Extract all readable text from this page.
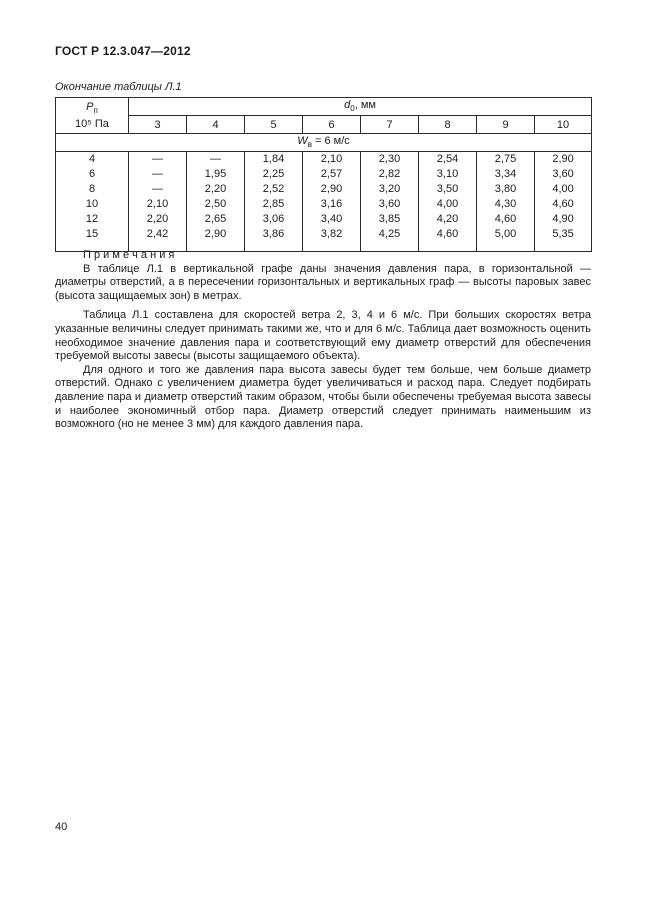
ГОСТ Р 12.3.047—2012
Окончание таблицы Л.1
$Р_п$
10⁵ Па	$d_0$, мм							
	3	4	5	6	7	8	9	10
$W_в = 6$ м/с								
4	—	—	1,84	2,10	2,30	2,54	2,75	2,90
6	—	1,95	2,25	2,57	2,82	3,10	3,34	3,60
8	—	2,20	2,52	2,90	3,20	3,50	3,80	4,00
10	2,10	2,50	2,85	3,16	3,60	4,00	4,30	4,60
12	2,20	2,65	3,06	3,40	3,85	4,20	4,60	4,90
15	2,42	2,90	3,86	3,82	4,25	4,60	5,00	5,35

П р и м е ч а н и я

В таблице Л.1 в вертикальной графе даны значения давления пара, в горизонтальной — диаметры отверстий, а в пересечении горизонтальных и вертикальных граф — высоты паровых завес (высота защищаемых зон) в метрах.

Таблица Л.1 составлена для скоростей ветра 2, 3, 4 и 6 м/с. При больших скоростях ветра указанные величины следует принимать такими же, что и для 6 м/с. Таблица дает возможность оценить необходимое значение давления пара и соответствующий ему диаметр отверстий для обеспечения требуемой высоты завесы (высоты защищаемого объекта).

Для одного и того же давления пара высота завесы будет тем больше, чем больше диаметр отверстий. Однако с увеличением диаметра будет увеличиваться и расход пара. Следует подбирать давление пара и диаметр отверстий таким образом, чтобы были обеспечены требуемая высота завесы и наиболее экономичный отбор пара. Диаметр отверстий следует принимать наименьшим из возможного (но не менее 3 мм) для каждого давления пара.

40
